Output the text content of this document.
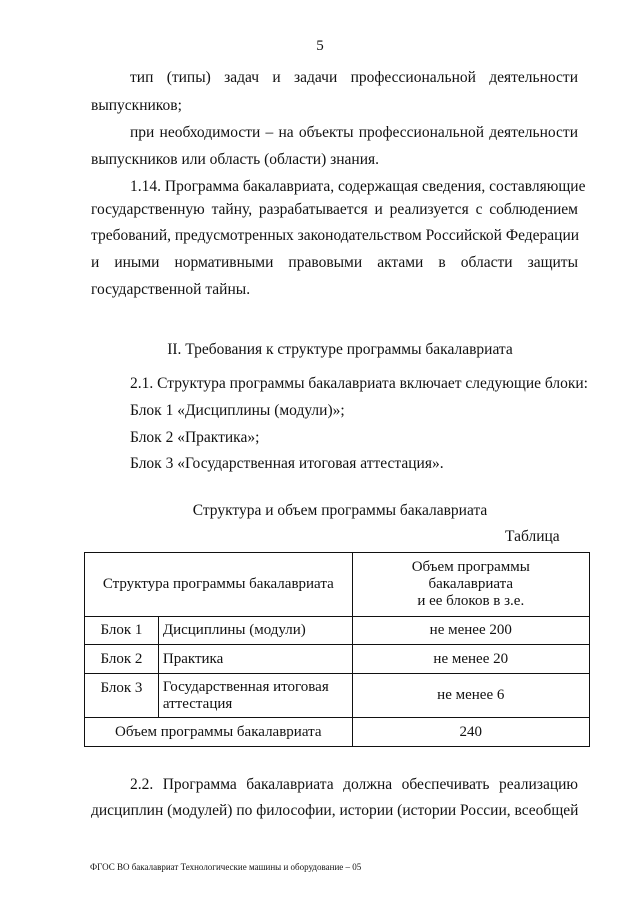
5
тип (типы) задач и задачи профессиональной деятельности
выпускников;
при необходимости – на объекты профессиональной деятельности
выпускников или область (области) знания.
1.14. Программа бакалавриата, содержащая сведения, составляющие
государственную тайну, разрабатывается и реализуется с соблюдением
требований, предусмотренных законодательством Российской Федерации
и иными нормативными правовыми актами в области защиты
государственной тайны.
II. Требования к структуре программы бакалавриата
2.1. Структура программы бакалавриата включает следующие блоки:
Блок 1 «Дисциплины (модули)»;
Блок 2 «Практика»;
Блок 3 «Государственная итоговая аттестация».
Структура и объем программы бакалавриата
Таблица
Структура программы бакалавриата		Объем программы
бакалавриата
и ее блоков в з.е.

Блок 1	Дисциплины (модули)	не менее 200
Блок 2	Практика	не менее 20
Блок 3	Государственная итоговая
аттестация	не менее 6
Объем программы бакалавриата		240
2.2. Программа бакалавриата должна обеспечивать реализацию
дисциплин (модулей) по философии, истории (истории России, всеобщей
ФГОС ВО бакалавриат Технологические машины и оборудование – 05
